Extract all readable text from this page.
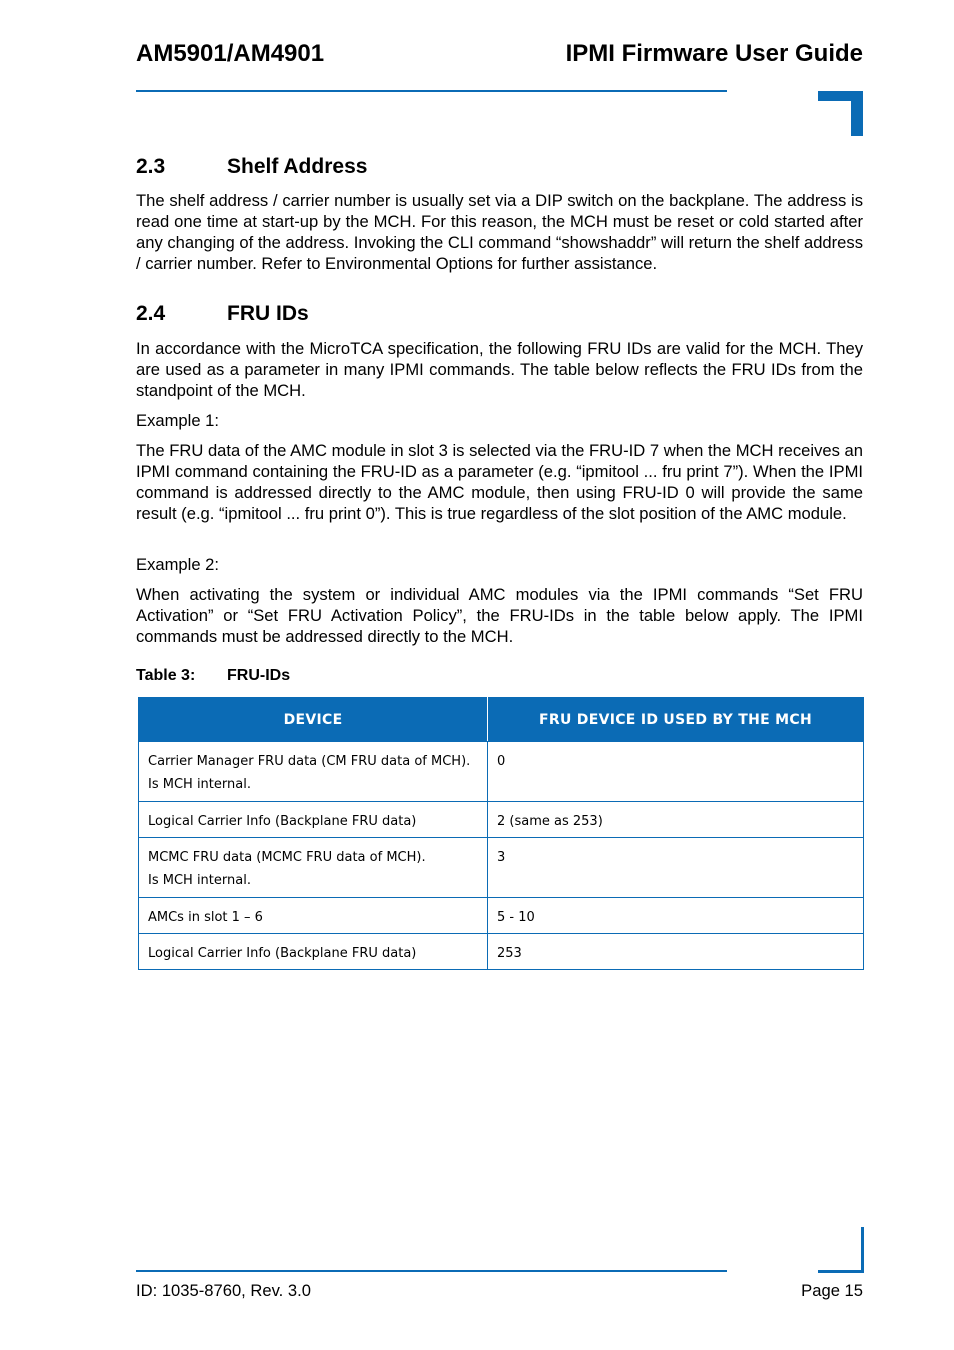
AM5901/AM4901	IPMI Firmware User Guide
2.3	Shelf Address

The shelf address / carrier number is usually set via a DIP switch on the backplane. The address is read one time at start-up by the MCH. For this reason, the MCH must be reset or cold started after any changing of the address. Invoking the CLI command “showshaddr” will return the shelf address / carrier number. Refer to Environmental Options for further assistance.

2.4	FRU IDs

In accordance with the MicroTCA specification, the following FRU IDs are valid for the MCH. They are used as a parameter in many IPMI commands. The table below reflects the FRU IDs from the standpoint of the MCH.

Example 1:

The FRU data of the AMC module in slot 3 is selected via the FRU-ID 7 when the MCH receives an IPMI command containing the FRU-ID as a parameter (e.g. “ipmitool ... fru print 7”). When the IPMI command is addressed directly to the AMC module, then using FRU-ID 0 will provide the same result (e.g. “ipmitool ... fru print 0”). This is true regardless of the slot position of the AMC module.

Example 2:

When activating the system or individual AMC modules via the IPMI commands “Set FRU Activation” or “Set FRU Activation Policy”, the FRU-IDs in the table below apply. The IPMI commands must be addressed directly to the MCH.

Table 3: FRU-IDs
DEVICE	FRU DEVICE ID USED BY THE MCH
Carrier Manager FRU data (CM FRU data of MCH).
Is MCH internal.	0
Logical Carrier Info (Backplane FRU data)	2 (same as 253)
MCMC FRU data (MCMC FRU data of MCH).
Is MCH internal.	3
AMCs in slot 1 – 6	5 - 10
Logical Carrier Info (Backplane FRU data)	253
ID: 1035-8760, Rev. 3.0	Page 15
